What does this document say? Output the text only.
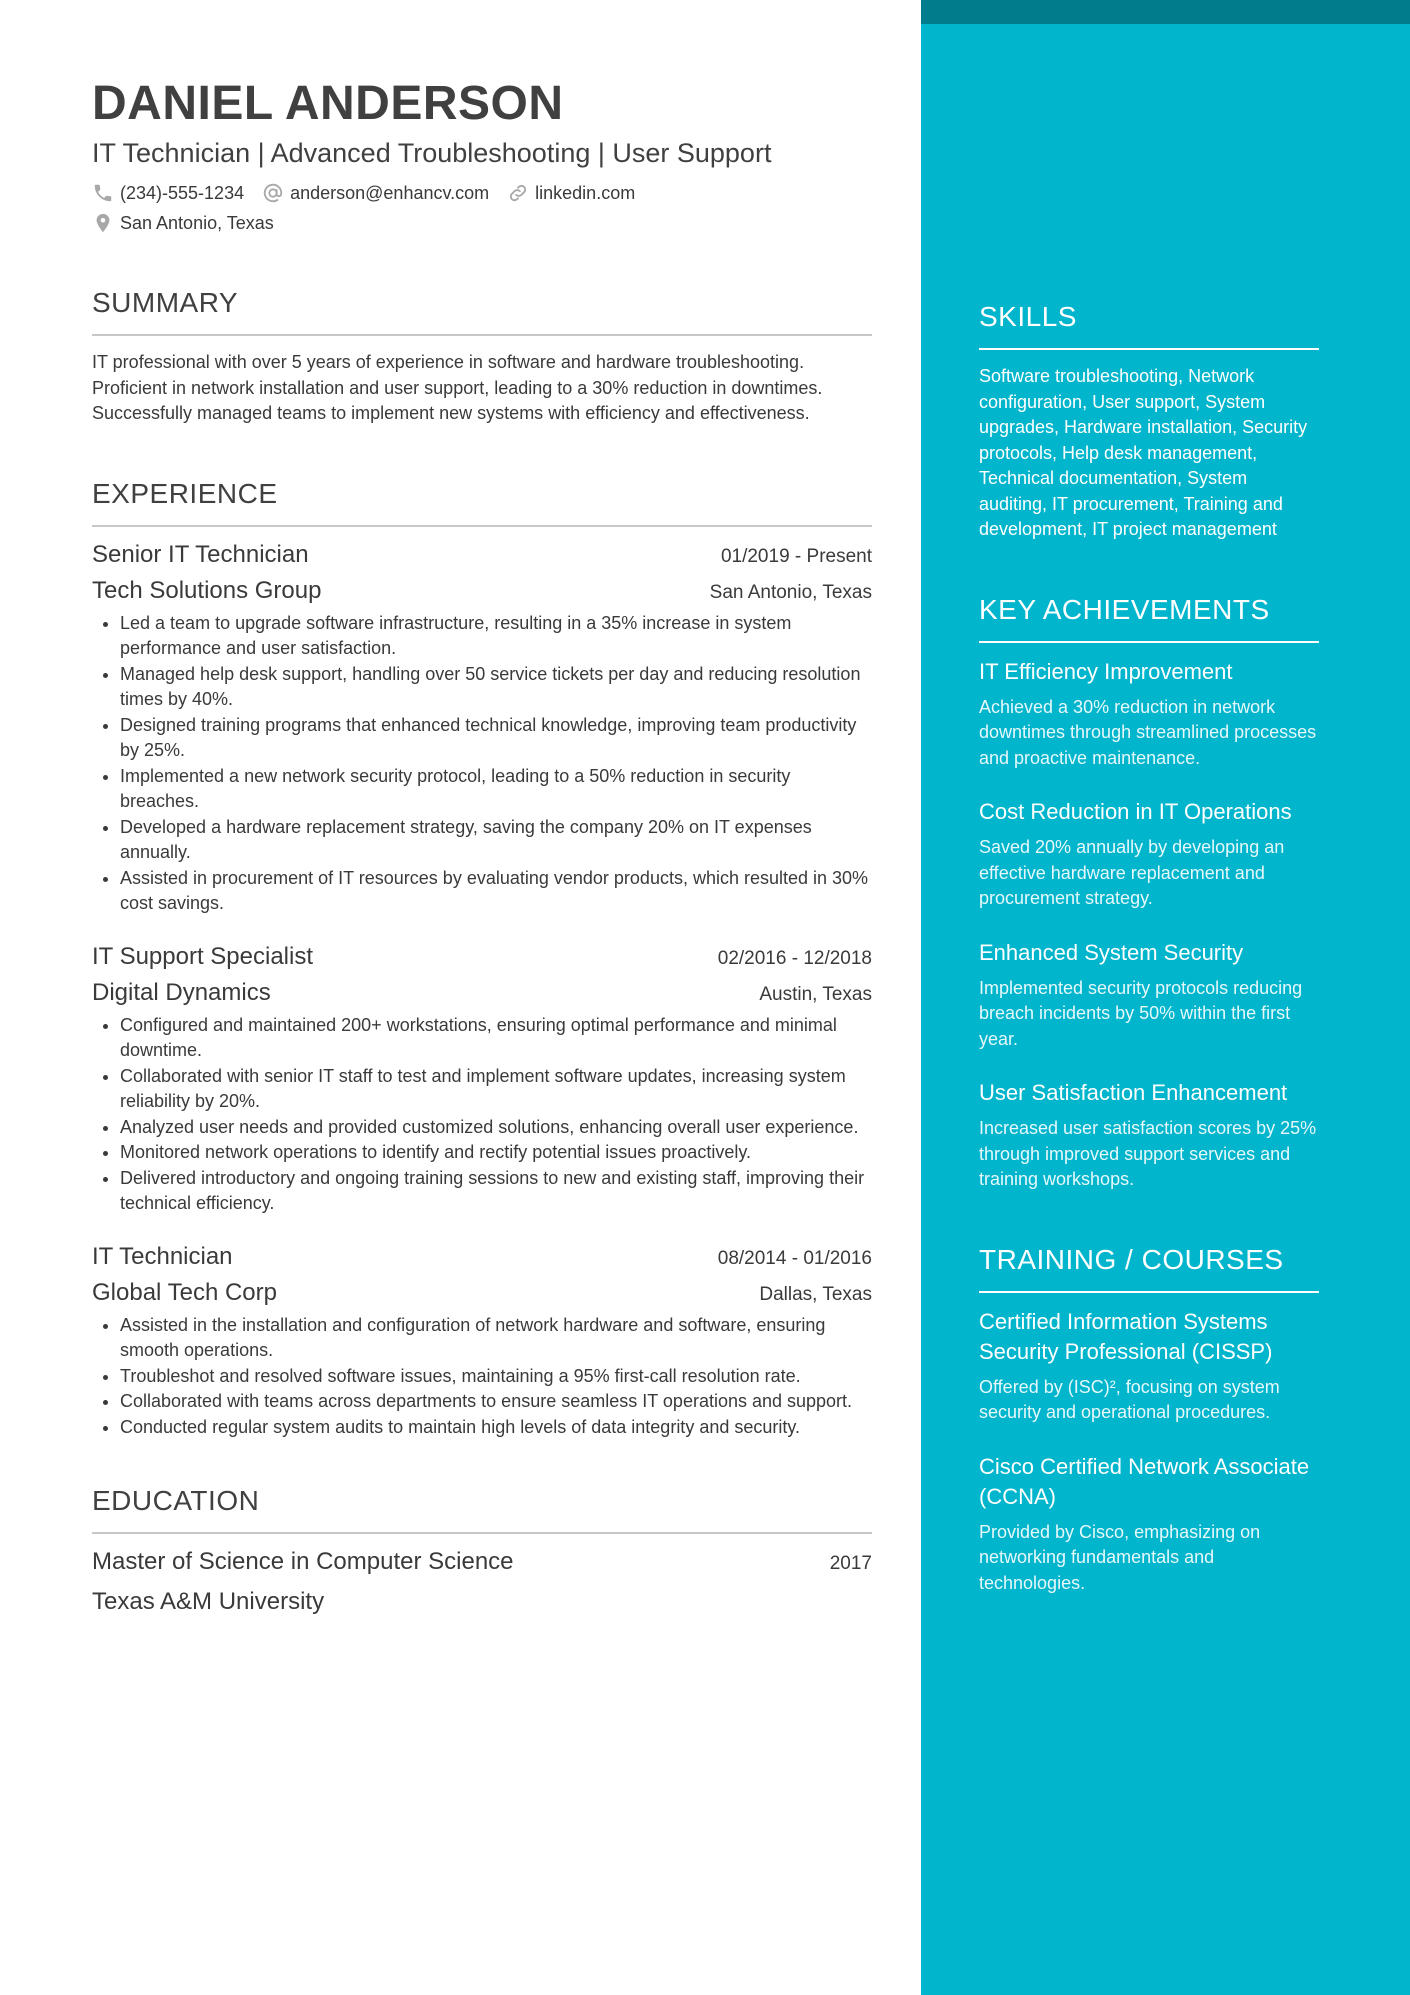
DANIEL ANDERSON
IT Technician | Advanced Troubleshooting | User Support
(234)-555-1234	anderson@enhancv.com	linkedin.com
San Antonio, Texas
SUMMARY
IT professional with over 5 years of experience in software and hardware troubleshooting. Proficient in network installation and user support, leading to a 30% reduction in downtimes. Successfully managed teams to implement new systems with efficiency and effectiveness.
EXPERIENCE
Senior IT Technician	01/2019 - Present
Tech Solutions Group	San Antonio, Texas
• Led a team to upgrade software infrastructure, resulting in a 35% increase in system performance and user satisfaction.
• Managed help desk support, handling over 50 service tickets per day and reducing resolution times by 40%.
• Designed training programs that enhanced technical knowledge, improving team productivity by 25%.
• Implemented a new network security protocol, leading to a 50% reduction in security breaches.
• Developed a hardware replacement strategy, saving the company 20% on IT expenses annually.
• Assisted in procurement of IT resources by evaluating vendor products, which resulted in 30% cost savings.
IT Support Specialist	02/2016 - 12/2018
Digital Dynamics	Austin, Texas
• Configured and maintained 200+ workstations, ensuring optimal performance and minimal downtime.
• Collaborated with senior IT staff to test and implement software updates, increasing system reliability by 20%.
• Analyzed user needs and provided customized solutions, enhancing overall user experience.
• Monitored network operations to identify and rectify potential issues proactively.
• Delivered introductory and ongoing training sessions to new and existing staff, improving their technical efficiency.
IT Technician	08/2014 - 01/2016
Global Tech Corp	Dallas, Texas
• Assisted in the installation and configuration of network hardware and software, ensuring smooth operations.
• Troubleshot and resolved software issues, maintaining a 95% first-call resolution rate.
• Collaborated with teams across departments to ensure seamless IT operations and support.
• Conducted regular system audits to maintain high levels of data integrity and security.
EDUCATION
Master of Science in Computer Science	2017
Texas A&M University
SKILLS
Software troubleshooting, Network configuration, User support, System upgrades, Hardware installation, Security protocols, Help desk management, Technical documentation, System auditing, IT procurement, Training and development, IT project management
KEY ACHIEVEMENTS
IT Efficiency Improvement
Achieved a 30% reduction in network downtimes through streamlined processes and proactive maintenance.
Cost Reduction in IT Operations
Saved 20% annually by developing an effective hardware replacement and procurement strategy.
Enhanced System Security
Implemented security protocols reducing breach incidents by 50% within the first year.
User Satisfaction Enhancement
Increased user satisfaction scores by 25% through improved support services and training workshops.
TRAINING / COURSES
Certified Information Systems Security Professional (CISSP)
Offered by (ISC)², focusing on system security and operational procedures.
Cisco Certified Network Associate (CCNA)
Provided by Cisco, emphasizing on networking fundamentals and technologies.
